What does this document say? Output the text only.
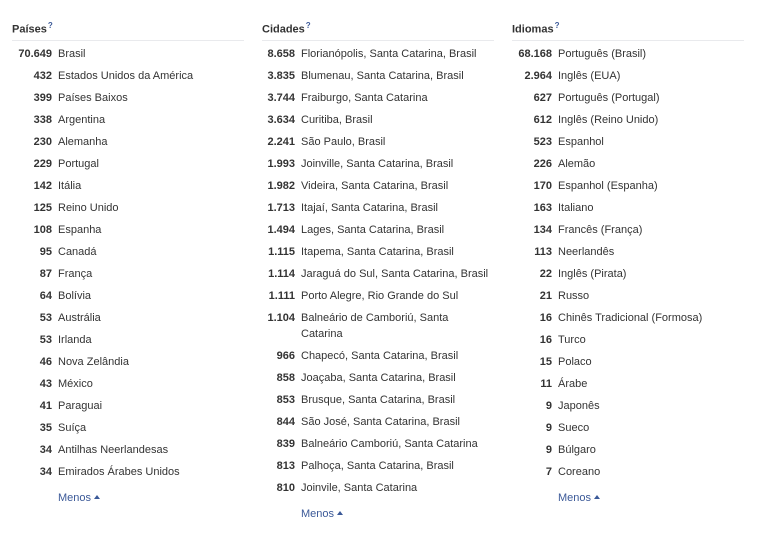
Países?
70.649 Brasil
432 Estados Unidos da América
399 Países Baixos
338 Argentina
230 Alemanha
229 Portugal
142 Itália
125 Reino Unido
108 Espanha
95 Canadá
87 França
64 Bolívia
53 Austrália
53 Irlanda
46 Nova Zelândia
43 México
41 Paraguai
35 Suíça
34 Antilhas Neerlandesas
34 Emirados Árabes Unidos
Menos
Cidades?
8.658 Florianópolis, Santa Catarina, Brasil
3.835 Blumenau, Santa Catarina, Brasil
3.744 Fraiburgo, Santa Catarina
3.634 Curitiba, Brasil
2.241 São Paulo, Brasil
1.993 Joinville, Santa Catarina, Brasil
1.982 Videira, Santa Catarina, Brasil
1.713 Itajaí, Santa Catarina, Brasil
1.494 Lages, Santa Catarina, Brasil
1.115 Itapema, Santa Catarina, Brasil
1.114 Jaraguá do Sul, Santa Catarina, Brasil
1.111 Porto Alegre, Rio Grande do Sul
1.104 Balneário de Camboriú, Santa Catarina
966 Chapecó, Santa Catarina, Brasil
858 Joaçaba, Santa Catarina, Brasil
853 Brusque, Santa Catarina, Brasil
844 São José, Santa Catarina, Brasil
839 Balneário Camboriú, Santa Catarina
813 Palhoça, Santa Catarina, Brasil
810 Joinvile, Santa Catarina
Menos
Idiomas?
68.168 Português (Brasil)
2.964 Inglês (EUA)
627 Português (Portugal)
612 Inglês (Reino Unido)
523 Espanhol
226 Alemão
170 Espanhol (Espanha)
163 Italiano
134 Francês (França)
113 Neerlandês
22 Inglês (Pirata)
21 Russo
16 Chinês Tradicional (Formosa)
16 Turco
15 Polaco
11 Árabe
9 Japonês
9 Sueco
9 Búlgaro
7 Coreano
Menos
